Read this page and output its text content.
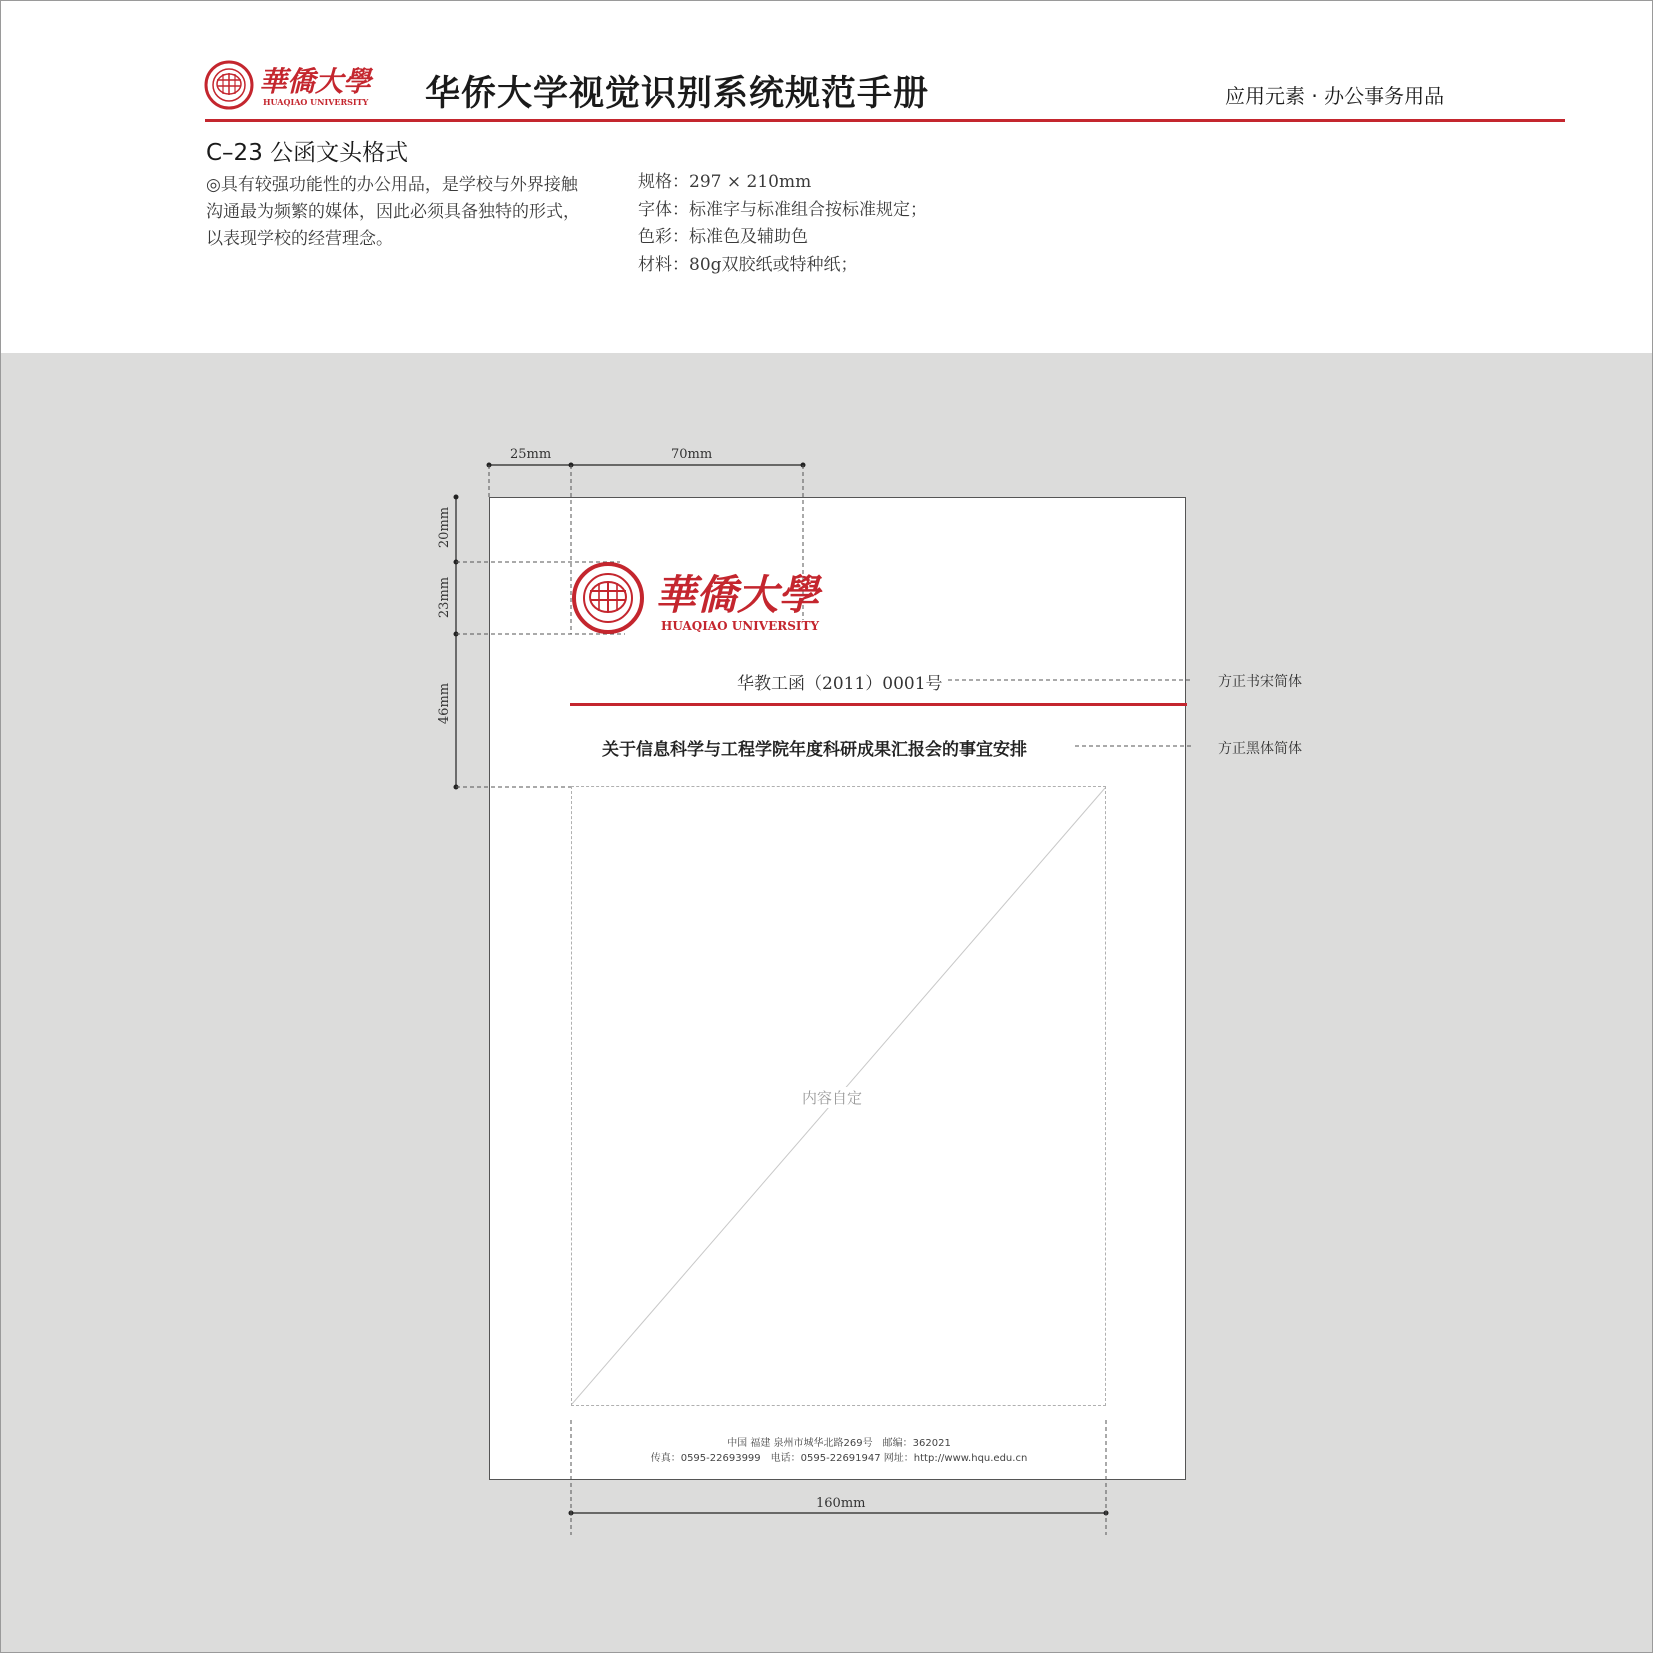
華僑大學
HUAQIAO UNIVERSITY 华侨大学视觉识别系统规范手册	应用元素 · 办公事务用品
C–23 公函文头格式
◎具有较强功能性的办公用品，是学校与外界接触沟通最为频繁的媒体，因此必须具备独特的形式，以表现学校的经营理念。
规格：297 × 210mm
字体：标准字与标准组合按标准规定；
色彩：标准色及辅助色
材料：80g双胶纸或特种纸；
25mm	70mm
20mm
23mm
46mm
160mm
華僑大學
HUAQIAO UNIVERSITY
华教工函（2011）0001号	方正书宋简体
关于信息科学与工程学院年度科研成果汇报会的事宜安排	方正黑体简体
内容自定
中国 福建 泉州市城华北路269号　邮编：362021
传真：0595-22693999　电话：0595-22691947 网址：http://www.hqu.edu.cn
